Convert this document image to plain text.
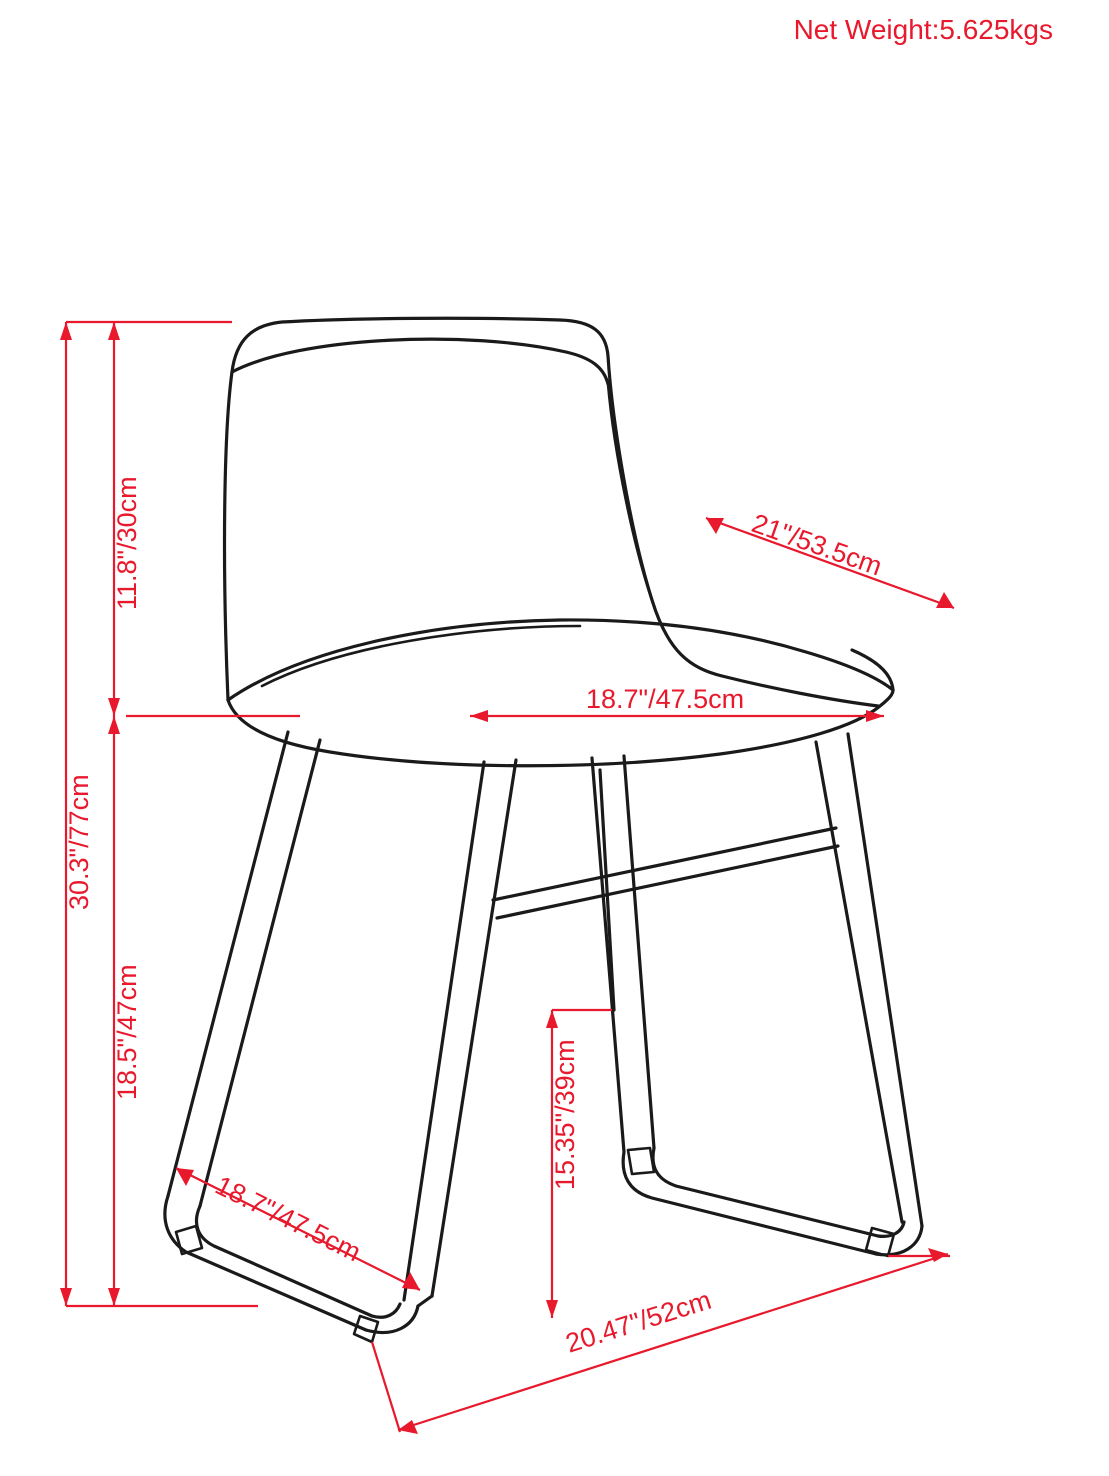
Net Weight:5.625kgs
11.8"/30cm
30.3"/77cm
18.5"/47cm
21"/53.5cm
18.7"/47.5cm
18.7"/47.5cm
15.35"/39cm
20.47"/52cm
